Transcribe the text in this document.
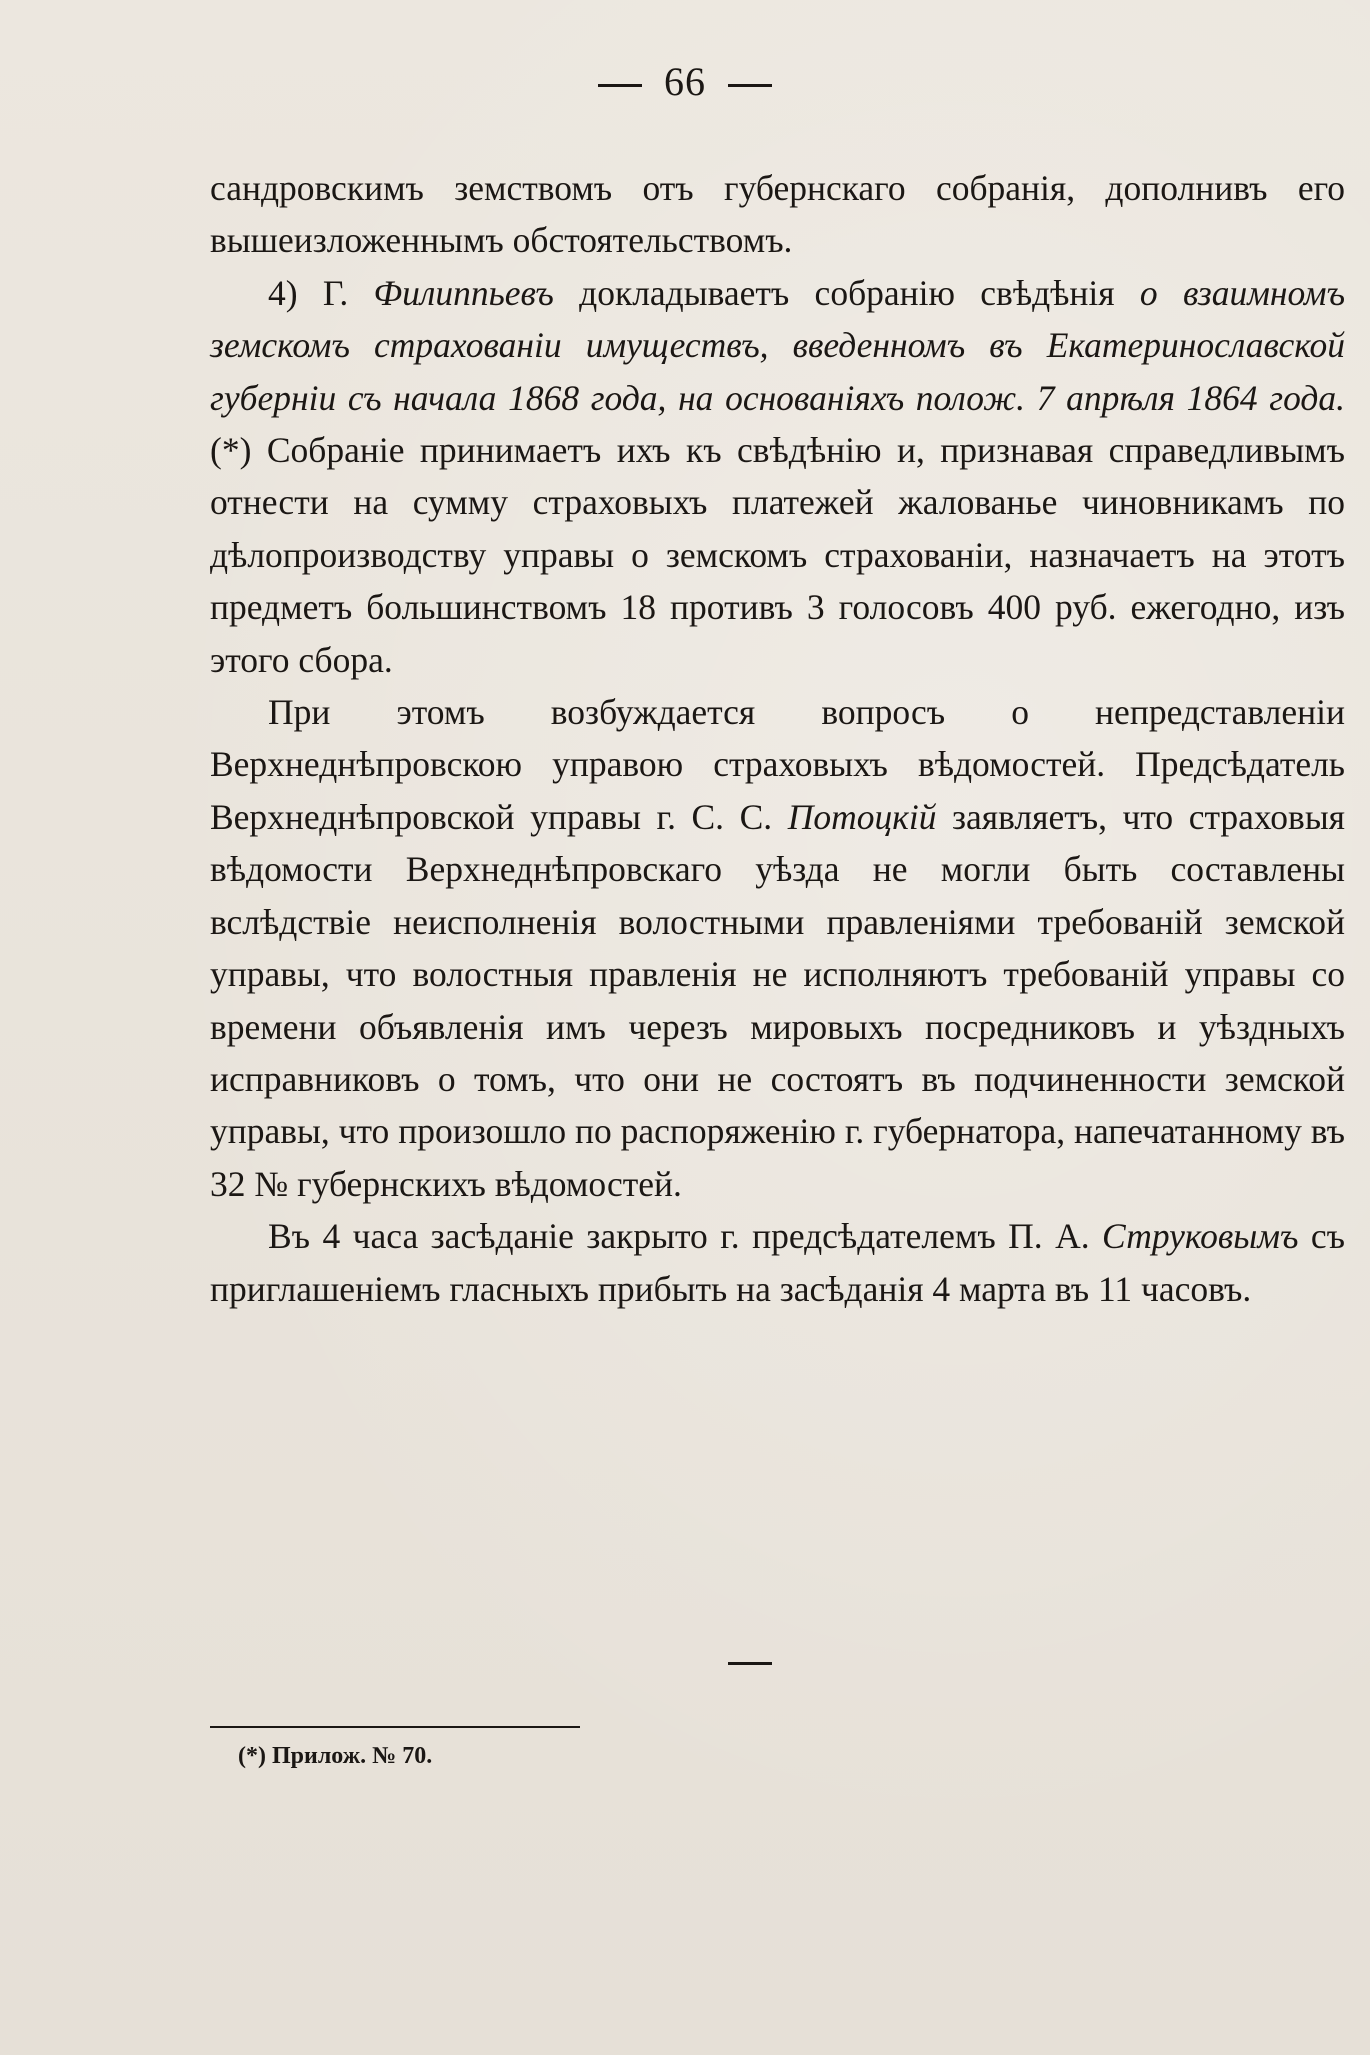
66

сандровскимъ земствомъ отъ губернскаго собранія, дополнивъ его вышеизложеннымъ обстоятельствомъ.

4) Г. Филиппьевъ докладываетъ собранію свѣдѣнія о взаимномъ земскомъ страхованіи имуществъ, введенномъ въ Екатеринославской губерніи съ начала 1868 года, на основаніяхъ полож. 7 апрѣля 1864 года. (*) Собраніе принимаетъ ихъ къ свѣдѣнію и, признавая справедливымъ отнести на сумму страховыхъ платежей жалованье чиновникамъ по дѣлопроизводству управы о земскомъ страхованіи, назначаетъ на этотъ предметъ большинствомъ 18 противъ 3 голосовъ 400 руб. ежегодно, изъ этого сбора.

При этомъ возбуждается вопросъ о непредставленіи Верхнеднѣпровскою управою страховыхъ вѣдомостей. Предсѣдатель Верхнеднѣпровской управы г. С. С. Потоцкій заявляетъ, что страховыя вѣдомости Верхнеднѣпровскаго уѣзда не могли быть составлены вслѣдствіе неисполненія волостными правленіями требованій земской управы, что волостныя правленія не исполняютъ требованій управы со времени объявленія имъ черезъ мировыхъ посредниковъ и уѣздныхъ исправниковъ о томъ, что они не состоятъ въ подчиненности земской управы, что произошло по распоряженію г. губернатора, напечатанному въ 32 № губернскихъ вѣдомостей.

Въ 4 часа засѣданіе закрыто г. предсѣдателемъ П. А. Струковымъ съ приглашеніемъ гласныхъ прибыть на засѣданія 4 марта въ 11 часовъ.

(*) Прилож. № 70.
